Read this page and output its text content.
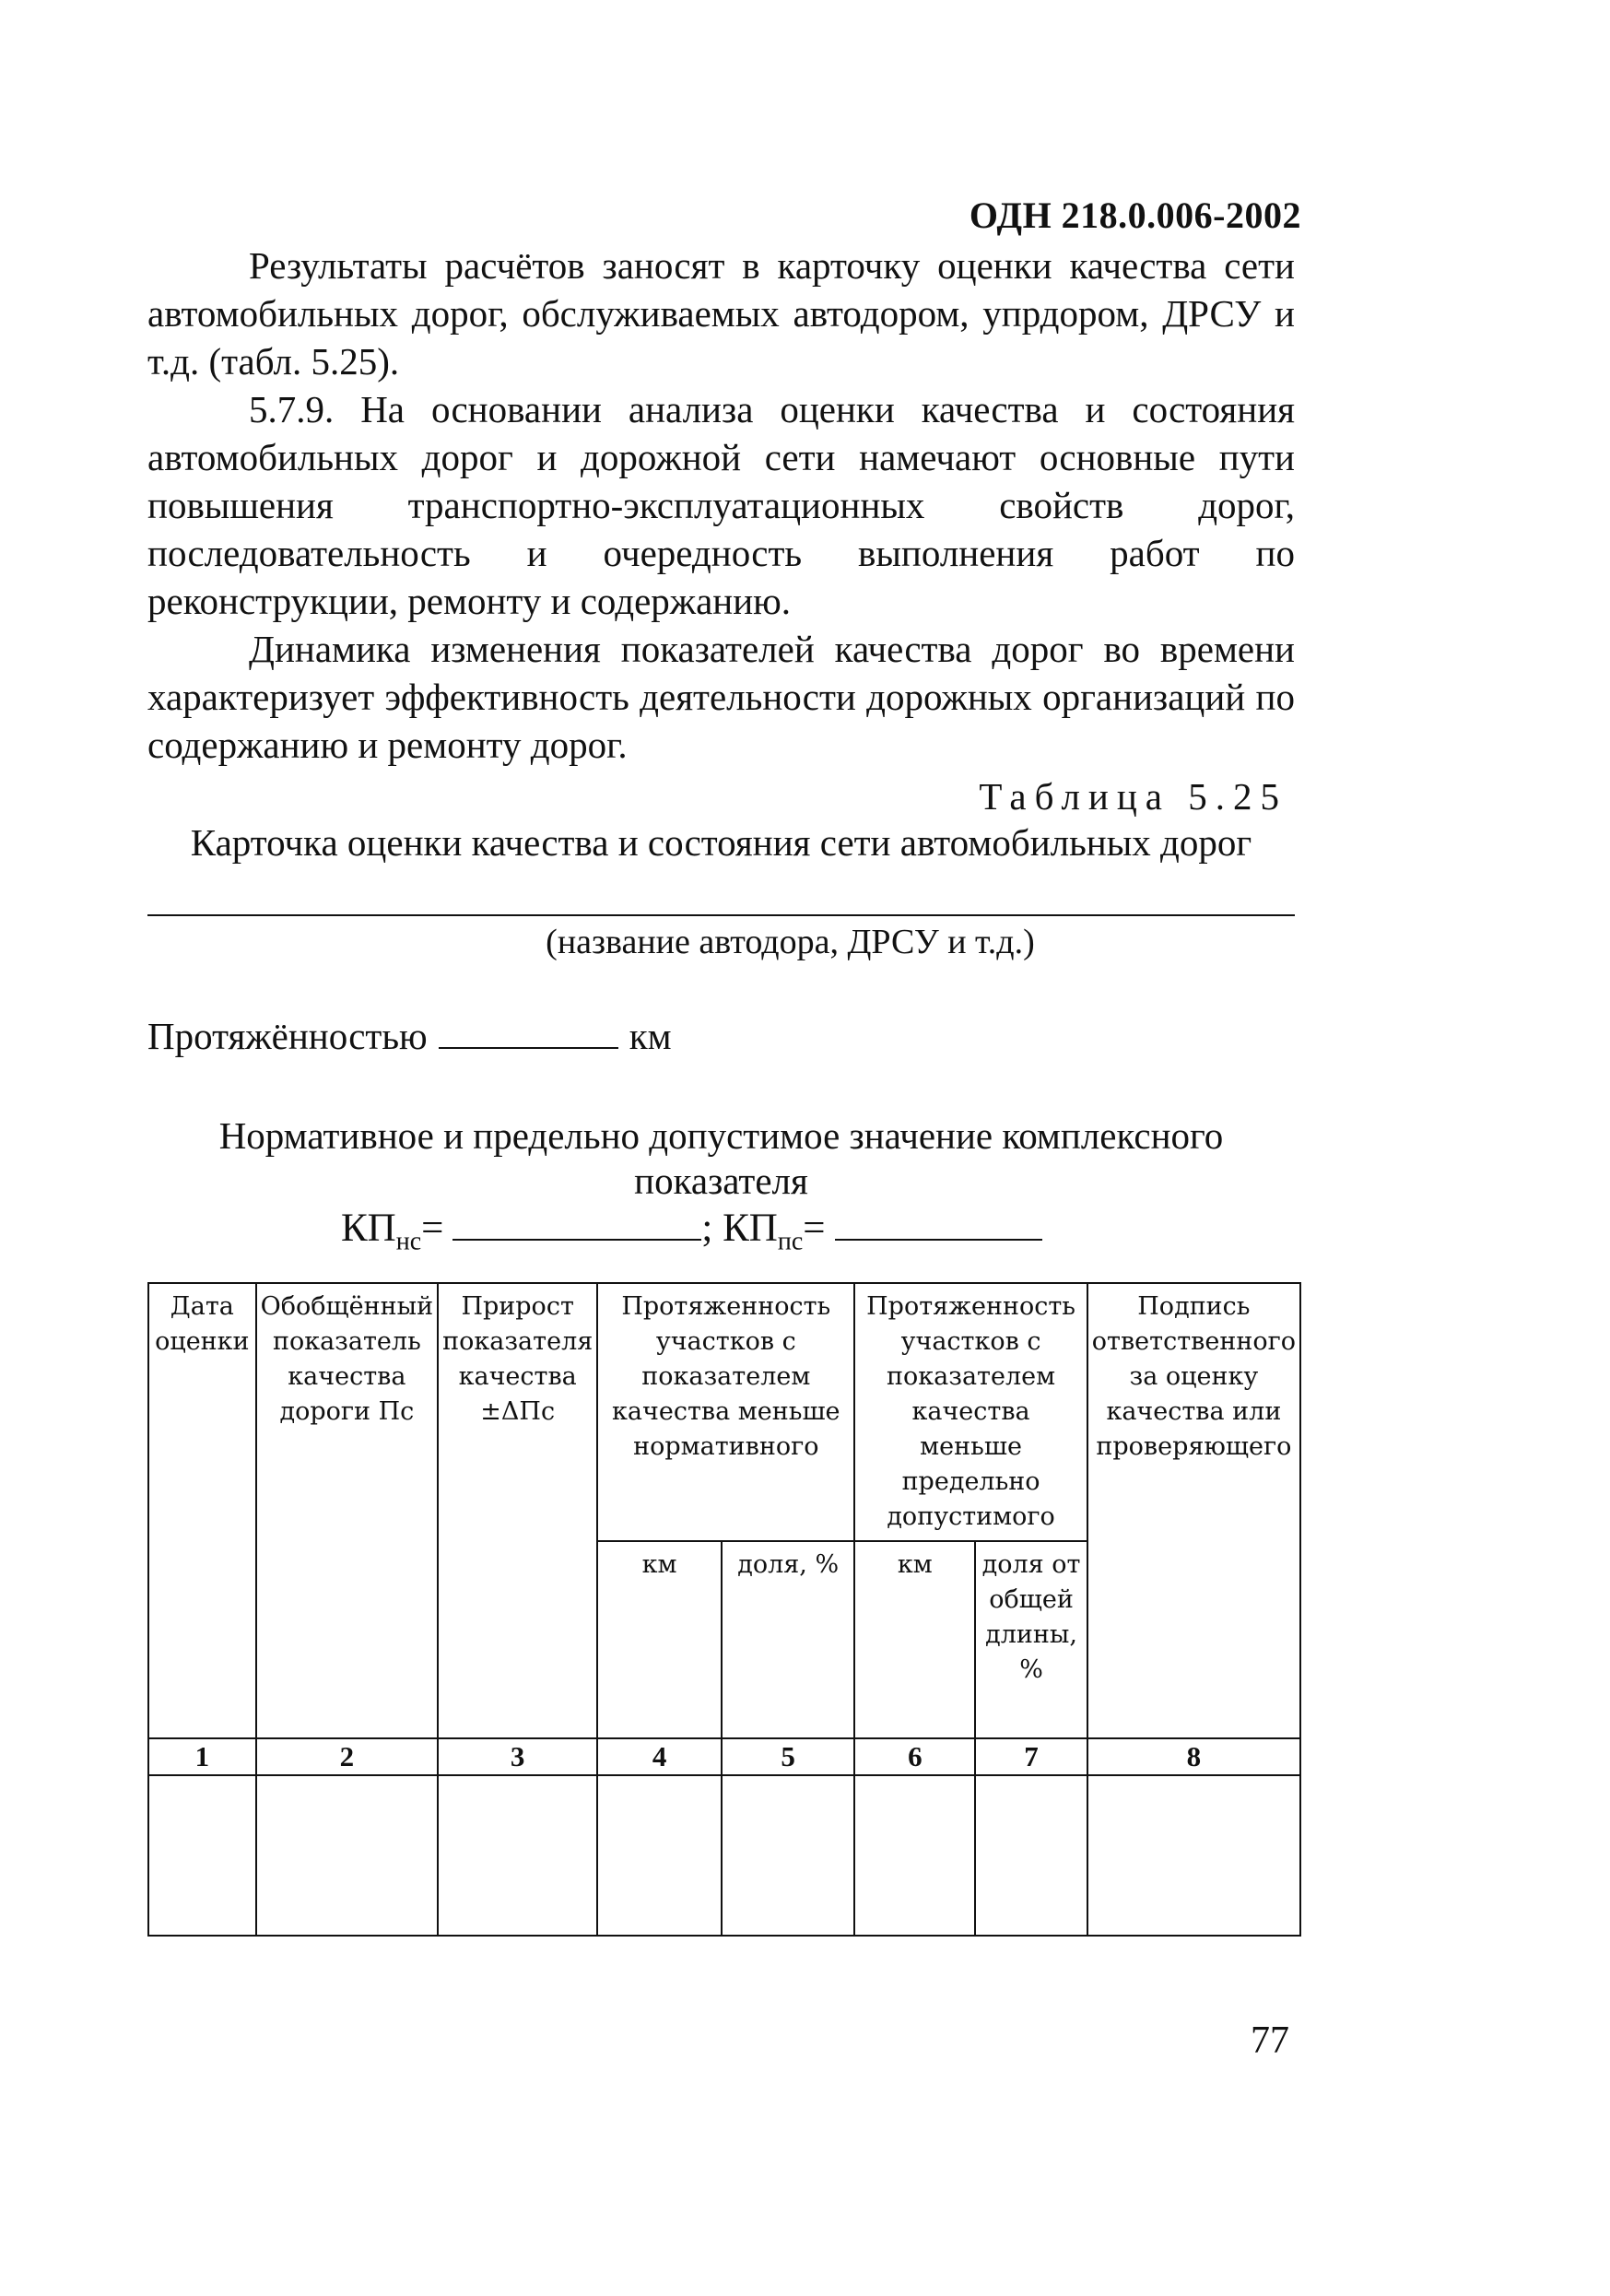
ОДН 218.0.006-2002
Результаты расчётов заносят в карточку оценки качества сети автомобильных дорог, обслуживаемых автодором, упрдором, ДРСУ и т.д. (табл. 5.25).
5.7.9. На основании анализа оценки качества и состояния автомобильных дорог и дорожной сети намечают основные пути повышения транспортно-эксплуатационных свойств дорог, последовательность и очередность выполнения работ по реконструкции, ремонту и содержанию.
Динамика изменения показателей качества дорог во времени характеризует эффективность деятельности дорожных организаций по содержанию и ремонту дорог.
Таблица 5.25
Карточка оценки качества и состояния сети автомобильных дорог
(название автодора, ДРСУ и т.д.)
Протяжённостью	км
Нормативное и предельно допустимое значение комплексного
показателя
$КП_{нс}=$	; $КП_{пс}=$
Дата оценки	Обобщённый показатель качества дороги Пс	Прирост показателя качества ±ΔПс	Протяженность участков с показателем качества меньше нормативного		Протяженность участков с показателем качества меньше предельно допустимого		Подпись ответственного за оценку качества или проверяющего
			км	доля, %	км	доля от общей длины, %	
1	2	3	4	5	6	7	8

77
